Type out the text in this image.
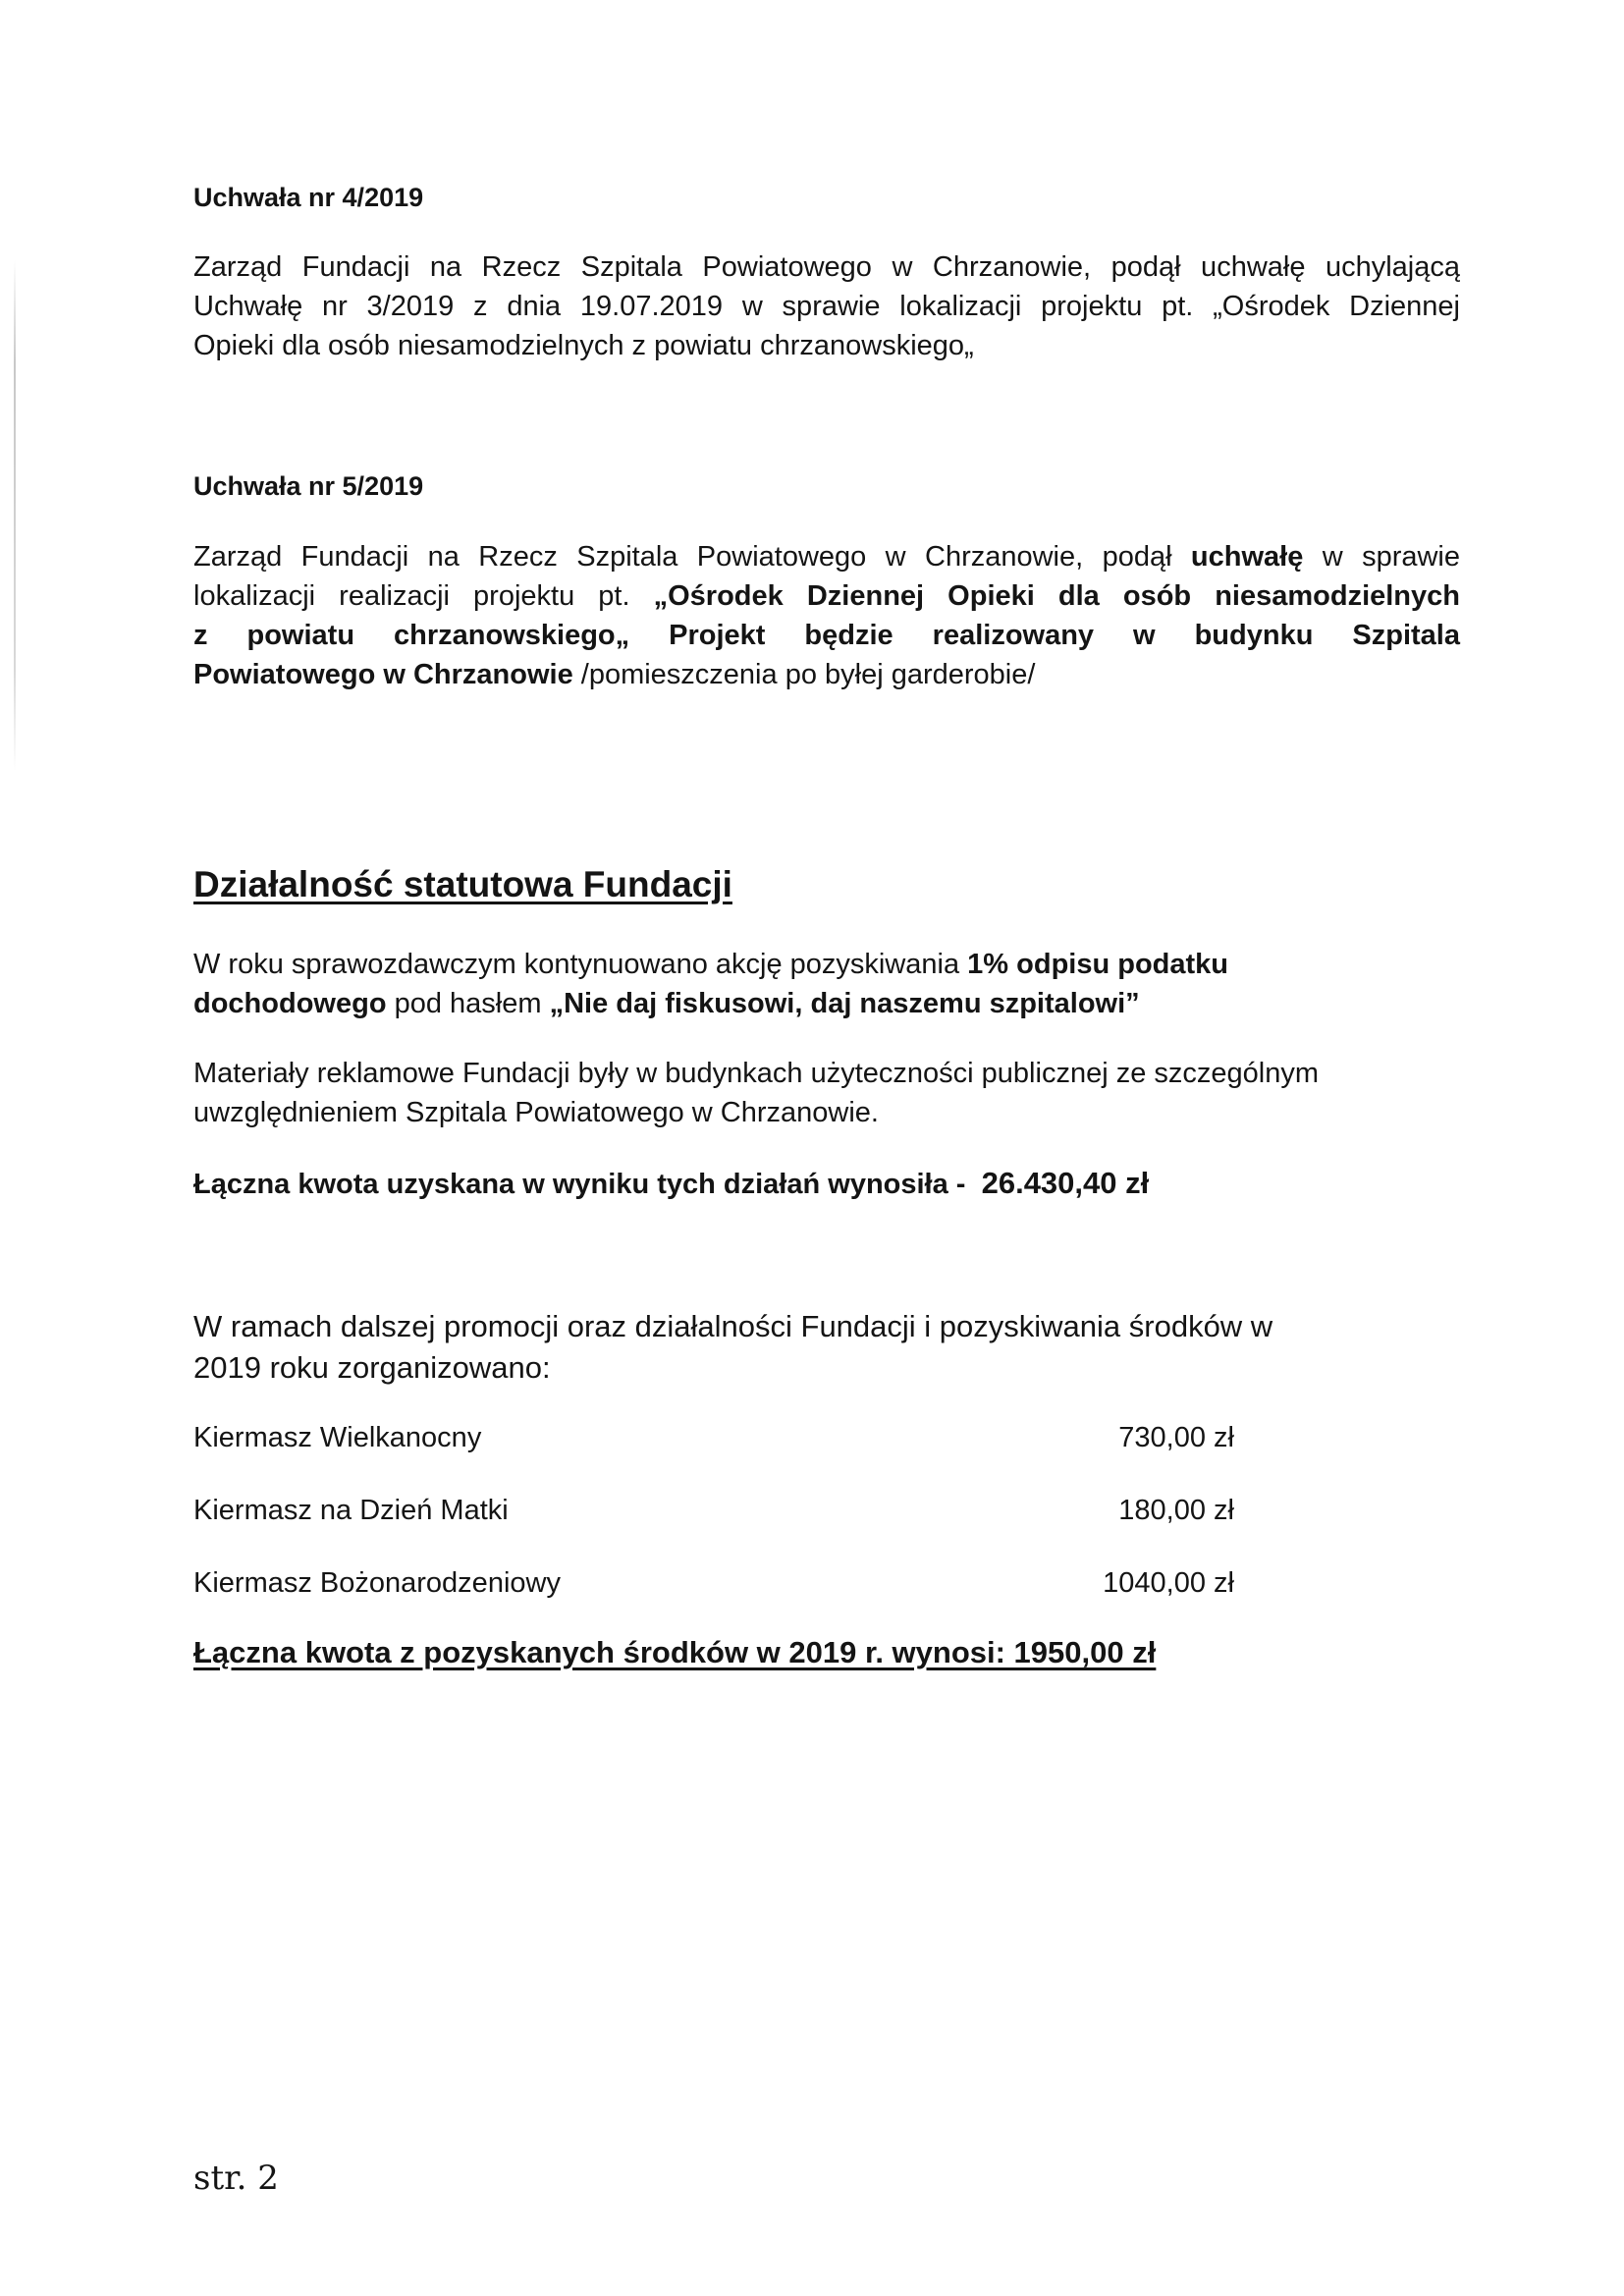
Uchwała nr 4/2019

Zarząd Fundacji na Rzecz Szpitala Powiatowego w Chrzanowie, podął uchwałę uchylającą

Uchwałę nr 3/2019 z dnia 19.07.2019 w sprawie lokalizacji projektu pt. „Ośrodek Dziennej

Opieki dla osób niesamodzielnych z powiatu chrzanowskiego„

Uchwała nr 5/2019

Zarząd Fundacji na Rzecz Szpitala Powiatowego w Chrzanowie, podął uchwałę w sprawie

lokalizacji realizacji projektu pt. „Ośrodek Dziennej Opieki dla osób niesamodzielnych

z powiatu chrzanowskiego„ Projekt będzie realizowany w budynku Szpitala

Powiatowego w Chrzanowie /pomieszczenia po byłej garderobie/

Działalność statutowa Fundacji

W roku sprawozdawczym kontynuowano akcję pozyskiwania 1% odpisu podatku

dochodowego pod hasłem „Nie daj fiskusowi, daj naszemu szpitalowi”

Materiały reklamowe Fundacji były w budynkach użyteczności publicznej ze szczególnym

uwzględnieniem Szpitala Powiatowego w Chrzanowie.

Łączna kwota uzyskana w wyniku tych działań wynosiła - 26.430,40 zł

W ramach dalszej promocji oraz działalności Fundacji i pozyskiwania środków w

2019 roku zorganizowano:

Kiermasz Wielkanocny	730,00 zł
Kiermasz na Dzień Matki	180,00 zł
Kiermasz Bożonarodzeniowy	1040,00 zł
Łączna kwota z pozyskanych środków w 2019 r. wynosi: 1950,00 zł
str. 2
